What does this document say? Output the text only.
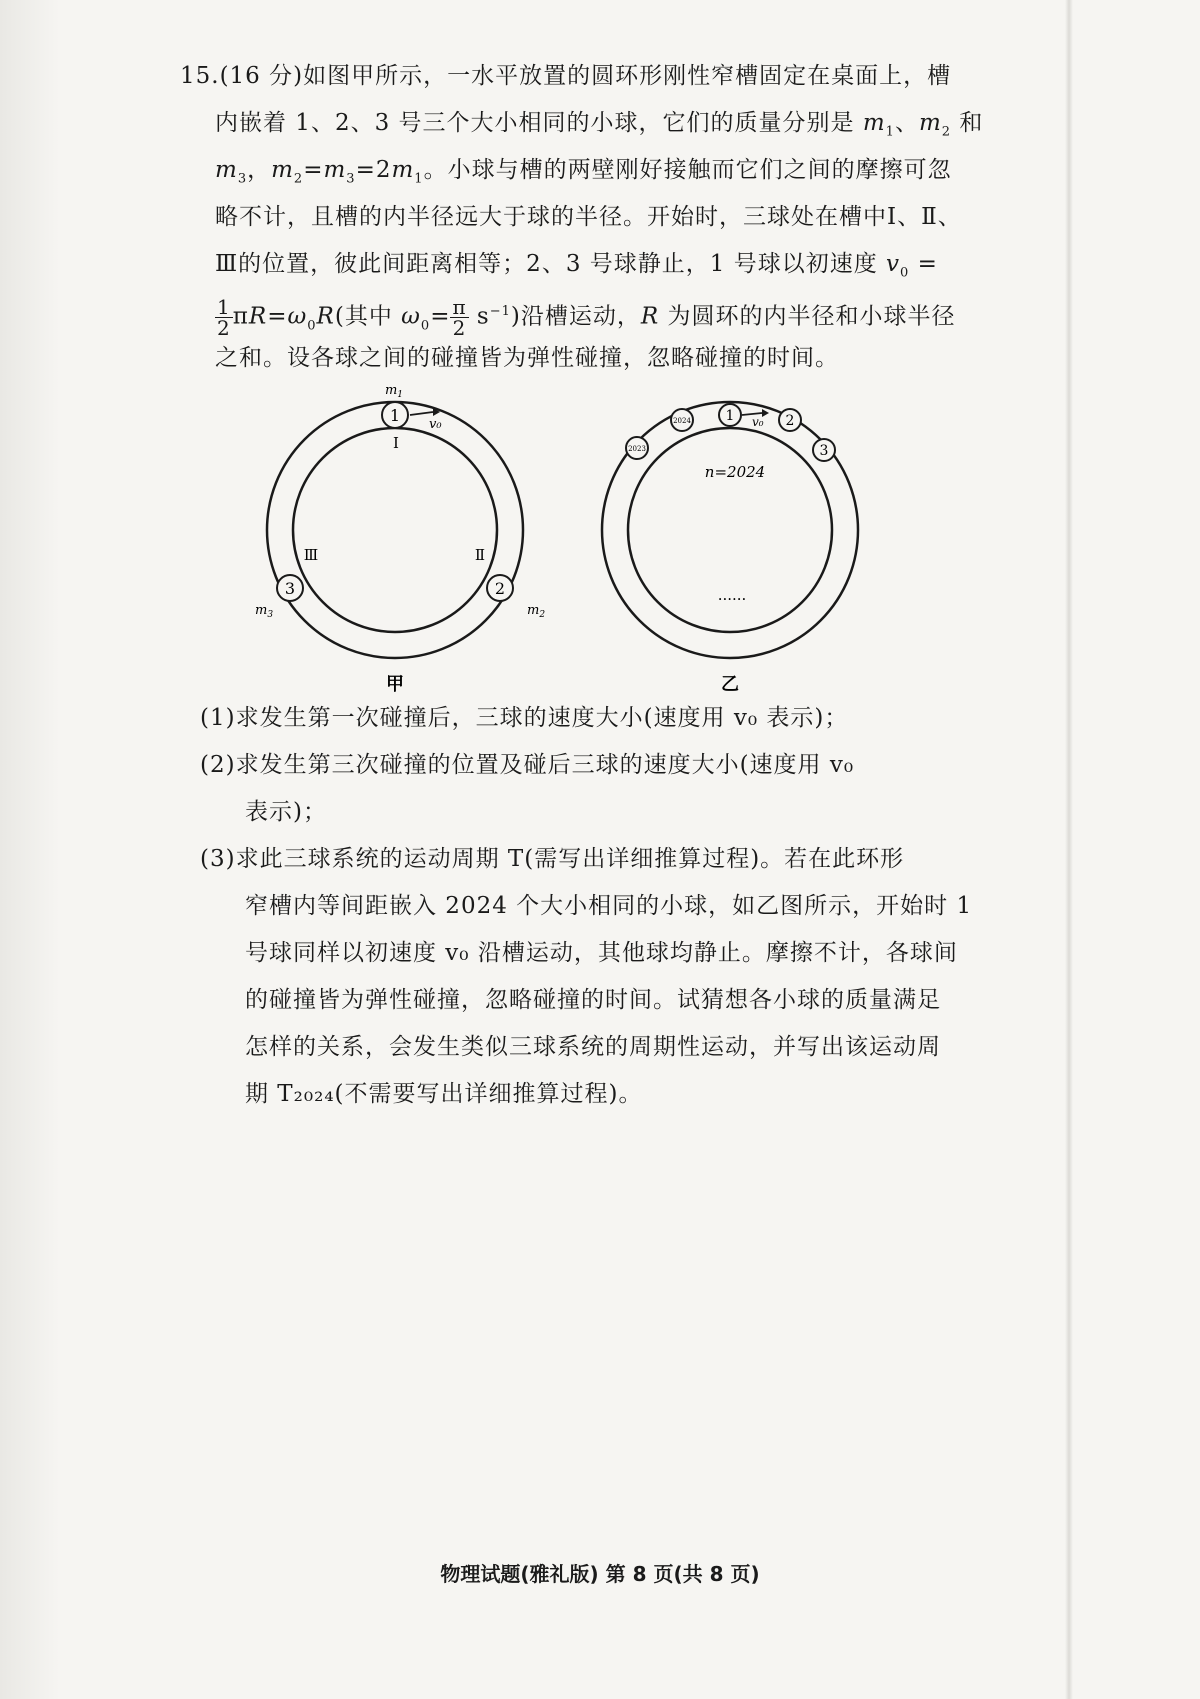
15.(16 分)如图甲所示，一水平放置的圆环形刚性窄槽固定在桌面上，槽
内嵌着 1、2、3 号三个大小相同的小球，它们的质量分别是 $m_1$、$m_2$ 和
$m_3$，$m_2=m_3=2m_1$。小球与槽的两壁刚好接触而它们之间的摩擦可忽
略不计，且槽的内半径远大于球的半径。开始时，三球处在槽中Ⅰ、Ⅱ、
Ⅲ的位置，彼此间距离相等；2、3 号球静止，1 号球以初速度 $v_0$ =
$\frac{1}{2} \pi R=\omega_0R$(其中 $\omega_0= \frac{\pi}{2} s^{-1}$)沿槽运动，R 为圆环的内半径和小球半径
之和。设各球之间的碰撞皆为弹性碰撞，忽略碰撞的时间。
1
$m_1$
v₀
Ⅰ
2
Ⅱ
$m_2$
3
Ⅲ
$m_3$
甲
1 v₀ 2
3
2024
2023
n=2024
......
乙
(1)求发生第一次碰撞后，三球的速度大小(速度用 v₀ 表示)；
(2)求发生第三次碰撞的位置及碰后三球的速度大小(速度用 v₀
表示)；
(3)求此三球系统的运动周期 T(需写出详细推算过程)。若在此环形
窄槽内等间距嵌入 2024 个大小相同的小球，如乙图所示，开始时 1
号球同样以初速度 v₀ 沿槽运动，其他球均静止。摩擦不计，各球间
的碰撞皆为弹性碰撞，忽略碰撞的时间。试猜想各小球的质量满足
怎样的关系，会发生类似三球系统的周期性运动，并写出该运动周
期 T₂₀₂₄(不需要写出详细推算过程)。
物理试题(雅礼版) 第 8 页(共 8 页)
